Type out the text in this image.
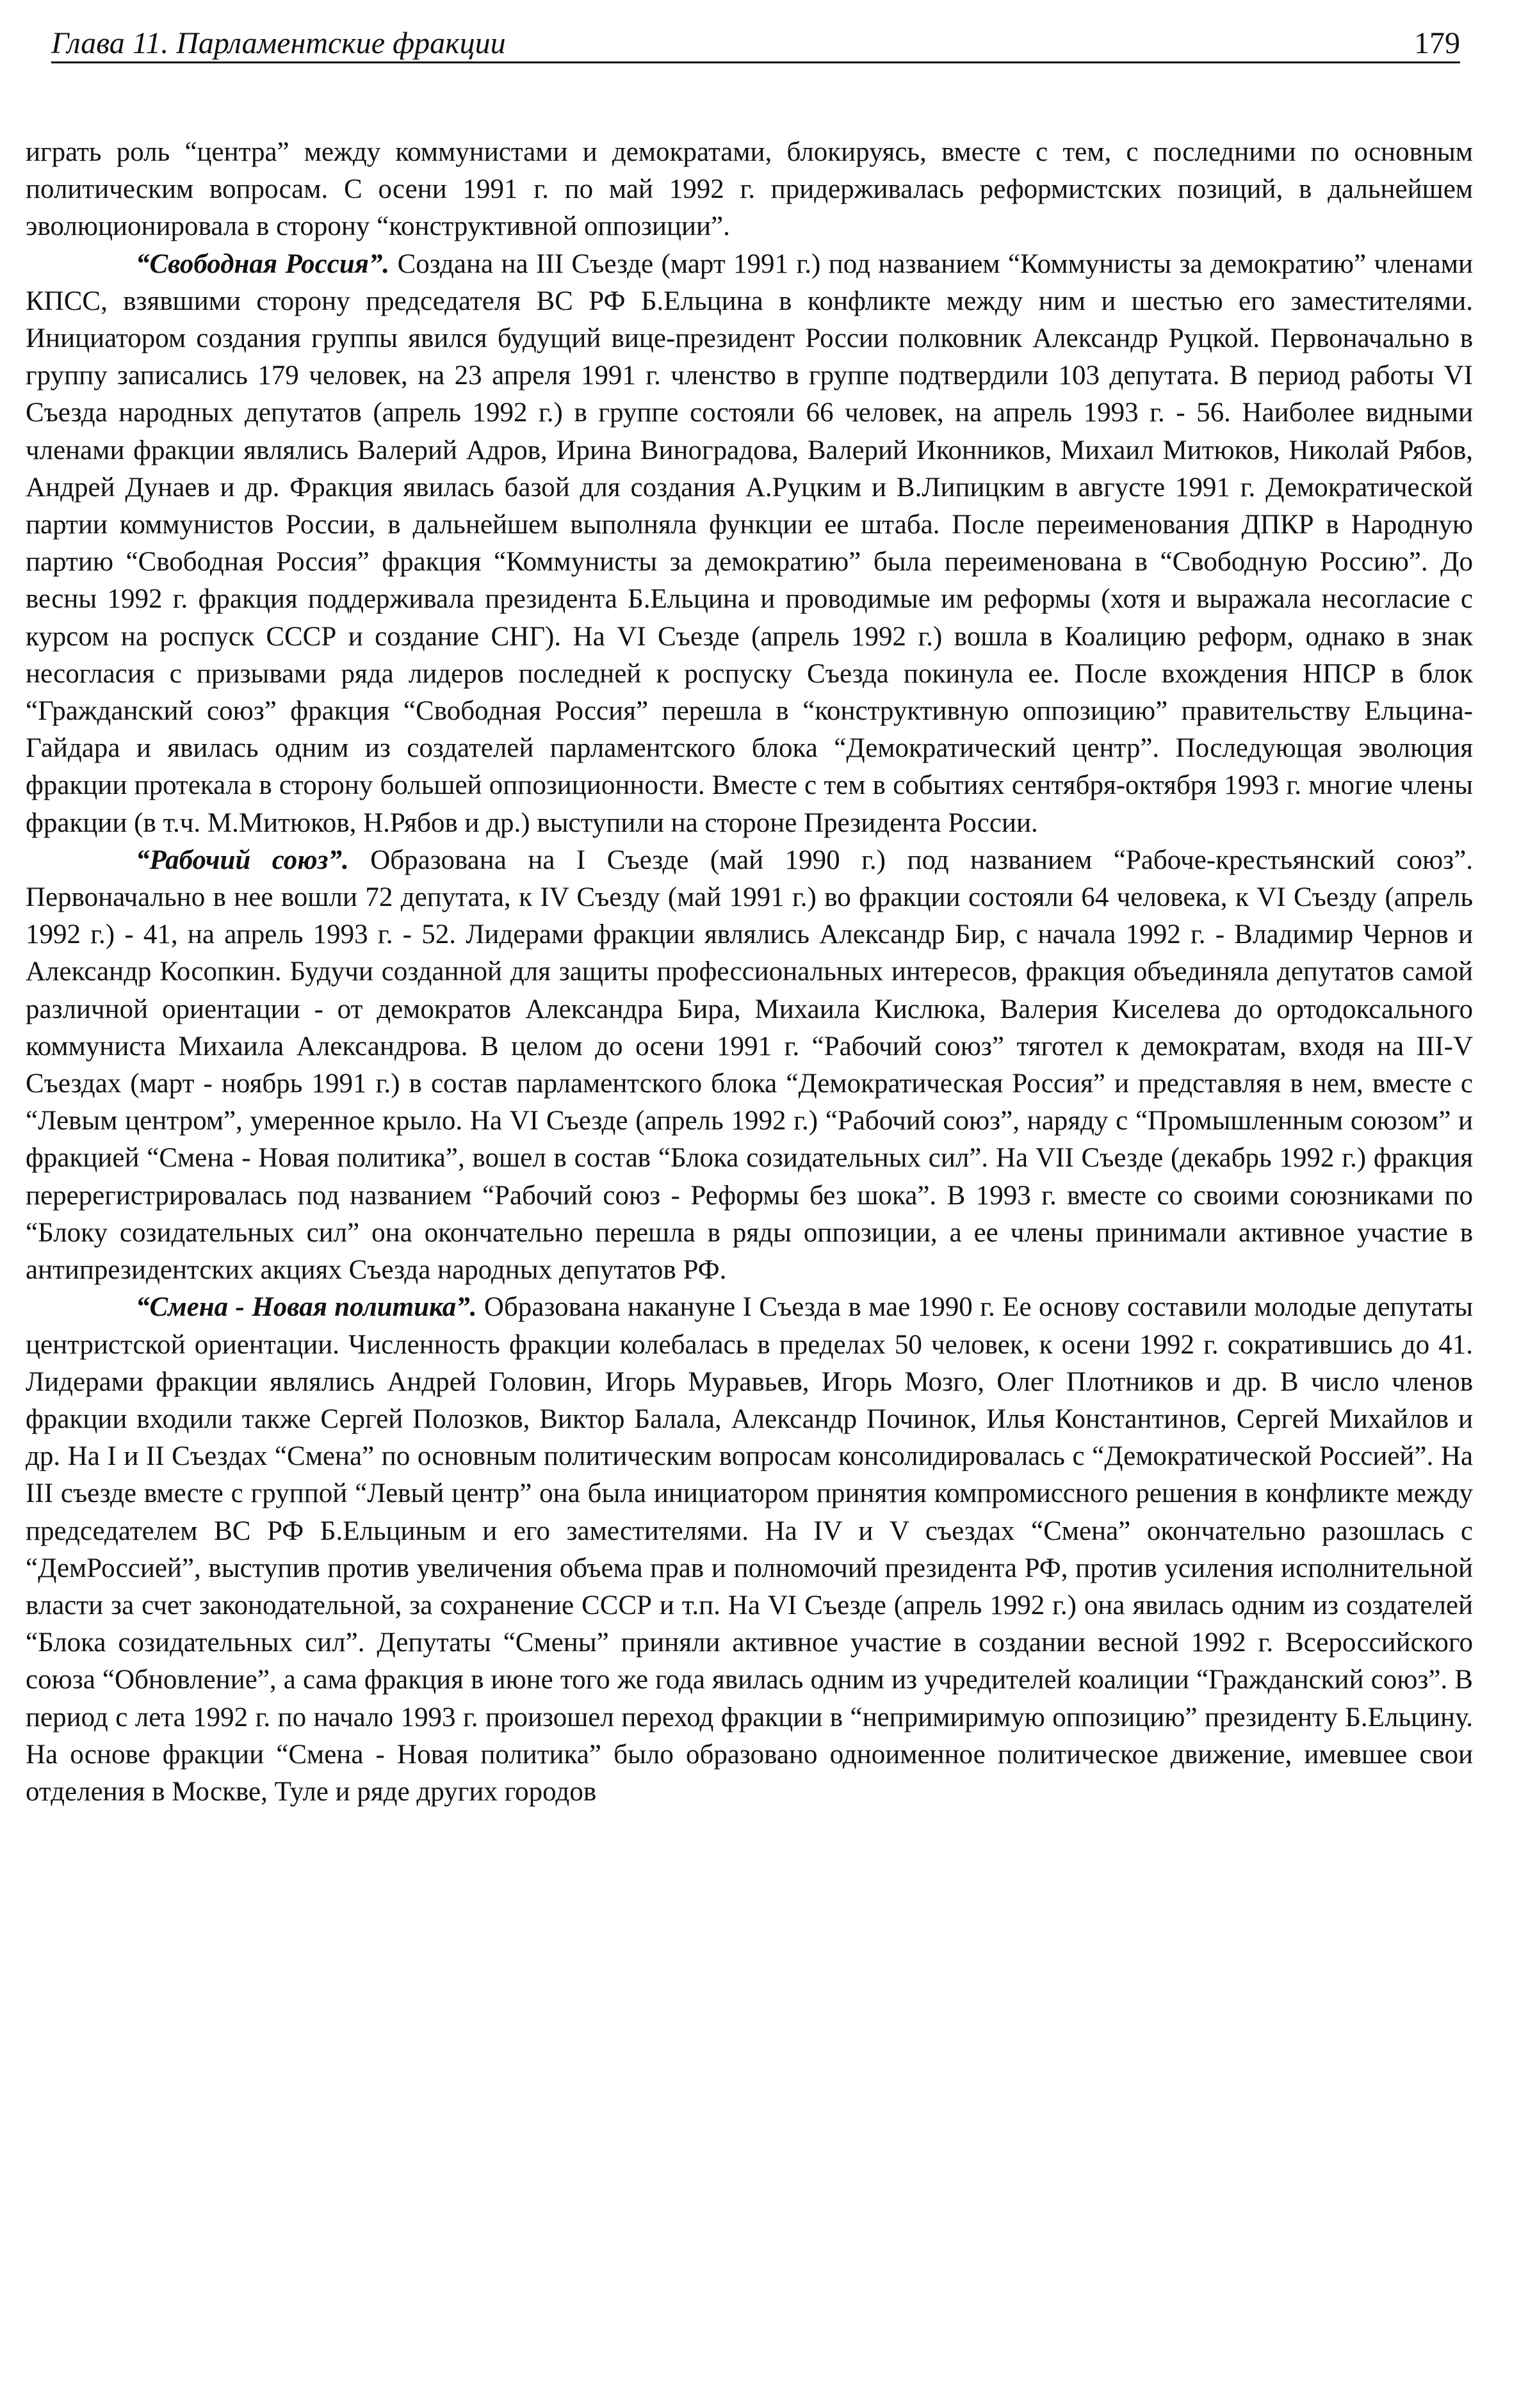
Глава 11. Парламентские фракции	179

играть роль “центра” между коммунистами и демократами, блокируясь, вместе с тем, с последними по основным политическим вопросам. С осени 1991 г. по май 1992 г. придерживалась реформистских позиций, в дальнейшем эволюционировала в сторону “конструктивной оппозиции”.

“Свободная Россия”. Создана на III Съезде (март 1991 г.) под названием “Коммунисты за демократию” членами КПСС, взявшими сторону председателя ВС РФ Б.Ельцина в конфликте между ним и шестью его заместителями. Инициатором создания группы явился будущий вице-президент России полковник Александр Руцкой. Первоначально в группу записались 179 человек, на 23 апреля 1991 г. членство в группе подтвердили 103 депутата. В период работы VI Съезда народных депутатов (апрель 1992 г.) в группе состояли 66 человек, на апрель 1993 г. - 56. Наиболее видными членами фракции являлись Валерий Адров, Ирина Виноградова, Валерий Иконников, Михаил Митюков, Николай Рябов, Андрей Дунаев и др. Фракция явилась базой для создания А.Руцким и В.Липицким в августе 1991 г. Демократической партии коммунистов России, в дальнейшем выполняла функции ее штаба. После переименования ДПКР в Народную партию “Свободная Россия” фракция “Коммунисты за демократию” была переименована в “Свободную Россию”. До весны 1992 г. фракция поддерживала президента Б.Ельцина и проводимые им реформы (хотя и выражала несогласие с курсом на роспуск СССР и создание СНГ). На VI Съезде (апрель 1992 г.) вошла в Коалицию реформ, однако в знак несогласия с призывами ряда лидеров последней к роспуску Съезда покинула ее. После вхождения НПСР в блок “Гражданский союз” фракция “Свободная Россия” перешла в “конструктивную оппозицию” правительству Ельцина-Гайдара и явилась одним из создателей парламентского блока “Демократический центр”. Последующая эволюция фракции протекала в сторону большей оппозиционности. Вместе с тем в событиях сентября-октября 1993 г. многие члены фракции (в т.ч. М.Митюков, Н.Рябов и др.) выступили на стороне Президента России.

“Рабочий союз”. Образована на I Съезде (май 1990 г.) под названием “Рабоче-крестьянский союз”. Первоначально в нее вошли 72 депутата, к IV Съезду (май 1991 г.) во фракции состояли 64 человека, к VI Съезду (апрель 1992 г.) - 41, на апрель 1993 г. - 52. Лидерами фракции являлись Александр Бир, с начала 1992 г. - Владимир Чернов и Александр Косопкин. Будучи созданной для защиты профессиональных интересов, фракция объединяла депутатов самой различной ориентации - от демократов Александра Бира, Михаила Кислюка, Валерия Киселева до ортодоксального коммуниста Михаила Александрова. В целом до осени 1991 г. “Рабочий союз” тяготел к демократам, входя на III-V Съездах (март - ноябрь 1991 г.) в состав парламентского блока “Демократическая Россия” и представляя в нем, вместе с “Левым центром”, умеренное крыло. На VI Съезде (апрель 1992 г.) “Рабочий союз”, наряду с “Промышленным союзом” и фракцией “Смена - Новая политика”, вошел в состав “Блока созидательных сил”. На VII Съезде (декабрь 1992 г.) фракция перерегистрировалась под названием “Рабочий союз - Реформы без шока”. В 1993 г. вместе со своими союзниками по “Блоку созидательных сил” она окончательно перешла в ряды оппозиции, а ее члены принимали активное участие в антипрезидентских акциях Съезда народных депутатов РФ.

“Смена - Новая политика”. Образована накануне I Съезда в мае 1990 г. Ее основу составили молодые депутаты центристской ориентации. Численность фракции колебалась в пределах 50 человек, к осени 1992 г. сократившись до 41. Лидерами фракции являлись Андрей Головин, Игорь Муравьев, Игорь Мозго, Олег Плотников и др. В число членов фракции входили также Сергей Полозков, Виктор Балала, Александр Починок, Илья Константинов, Сергей Михайлов и др. На I и II Съездах “Смена” по основным политическим вопросам консолидировалась с “Демократической Россией”. На III съезде вместе с группой “Левый центр” она была инициатором принятия компромиссного решения в конфликте между председателем ВС РФ Б.Ельциным и его заместителями. На IV и V съездах “Смена” окончательно разошлась с “ДемРоссией”, выступив против увеличения объема прав и полномочий президента РФ, против усиления исполнительной власти за счет законодательной, за сохранение СССР и т.п. На VI Съезде (апрель 1992 г.) она явилась одним из создателей “Блока созидательных сил”. Депутаты “Смены” приняли активное участие в создании весной 1992 г. Всероссийского союза “Обновление”, а сама фракция в июне того же года явилась одним из учредителей коалиции “Гражданский союз”. В период с лета 1992 г. по начало 1993 г. произошел переход фракции в “непримиримую оппозицию” президенту Б.Ельцину. На основе фракции “Смена - Новая политика” было образовано одноименное политическое движение, имевшее свои отделения в Москве, Туле и ряде других городов
